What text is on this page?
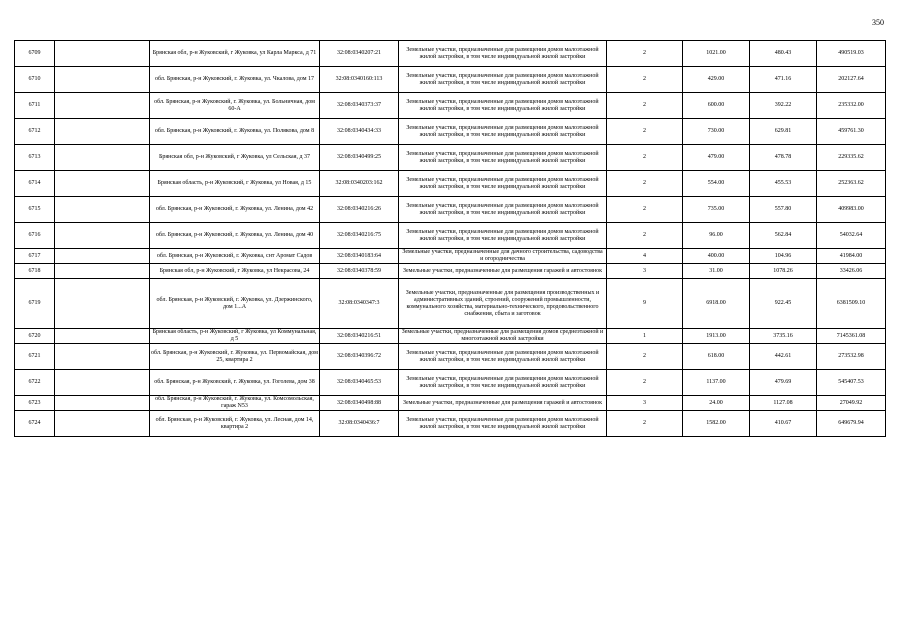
350
6709		Брянская обл, р-н Жуковский, г Жуковка, ул Карла Маркса, д 71	32:08:0340207:21	Земельные участки, предназначенные для размещения домов малоэтажной жилой застройки, в том числе индивидуальной жилой застройки	2	1021.00	480.43	490519.03
6710		обл. Брянская, р-н Жуковский, г. Жуковка, ул. Чкалова, дом 17	32:08:0340160:113	Земельные участки, предназначенные для размещения домов малоэтажной жилой застройки, в том числе индивидуальной жилой застройки	2	429.00	471.16	202127.64
6711		обл. Брянская, р-н Жуковский, г. Жуковка, ул. Больничная, дом 60-А	32:08:0340373:37	Земельные участки, предназначенные для размещения домов малоэтажной жилой застройки, в том числе индивидуальной жилой застройки	2	600.00	392.22	235332.00
6712		обл. Брянская, р-н Жуковский, г. Жуковка, ул. Полякова, дом 8	32:08:0340434:33	Земельные участки, предназначенные для размещения домов малоэтажной жилой застройки, в том числе индивидуальной жилой застройки	2	730.00	629.81	459761.30
6713		Брянская обл, р-н Жуковский, г Жуковка, ул Сельская, д 37	32:08:0340499:25	Земельные участки, предназначенные для размещения домов малоэтажной жилой застройки, в том числе индивидуальной жилой застройки	2	479.00	478.78	229335.62
6714		Брянская область, р-н Жуковский, г Жуковка, ул Новая, д 15	32:08:0340203:162	Земельные участки, предназначенные для размещения домов малоэтажной жилой застройки, в том числе индивидуальной жилой застройки	2	554.00	455.53	252363.62
6715		обл. Брянская, р-н Жуковский, г. Жуковка, ул. Ленина, дом 42	32:08:0340216:26	Земельные участки, предназначенные для размещения домов малоэтажной жилой застройки, в том числе индивидуальной жилой застройки	2	735.00	557.80	409983.00
6716		обл. Брянская, р-н Жуковский, г. Жуковка, ул. Ленина, дом 40	32:08:0340216:75	Земельные участки, предназначенные для размещения домов малоэтажной жилой застройки, в том числе индивидуальной жилой застройки	2	96.00	562.84	54032.64
6717		обл. Брянская, р-н Жуковский, г. Жуковка, снт Аромат Садов	32:08:0340183:64	Земельные участки, предназначенные для дачного строительства, садоводства и огородничества	4	400.00	104.96	41984.00
6718		Брянская обл, р-н Жуковский, г Жуковка, ул Некрасова, 24	32:08:0340378:59	Земельные участки, предназначенные для размещения гаражей и автостоянок	3	31.00	1078.26	33426.06
6719		обл. Брянская, р-н Жуковский, г. Жуковка, ул. Дзержинского, дом 1...А	32:08:0340347:3	Земельные участки, предназначенные для размещения производственных и административных зданий, строений, сооружений промышленности, коммунального хозяйства, материально-технического, продовольственного снабжения, сбыта и заготовок	9	6918.00	922.45	6381509.10
6720		Брянская область, р-н Жуковский, г Жуковка, ул Коммунальная, д 5	32:08:0340216:51	Земельные участки, предназначенные для размещения домов среднеэтажной и многоэтажной жилой застройки	1	1913.00	3735.16	7145361.08
6721		обл. Брянская, р-н Жуковский, г. Жуковка, ул. Первомайская, дом 25, квартира 2	32:08:0340396:72	Земельные участки, предназначенные для размещения домов малоэтажной жилой застройки, в том числе индивидуальной жилой застройки	2	618.00	442.61	273532.98
6722		обл. Брянская, р-н Жуковский, г. Жуковка, ул. Гоголева, дом 38	32:08:0340465:53	Земельные участки, предназначенные для размещения домов малоэтажной жилой застройки, в том числе индивидуальной жилой застройки	2	1137.00	479.69	545407.53
6723		обл. Брянская, р-н Жуковский, г. Жуковка, ул. Комсомольская, гараж N53	32:08:0340498:88	Земельные участки, предназначенные для размещения гаражей и автостоянок	3	24.00	1127.08	27049.92
6724		обл. Брянская, р-н Жуковский, г. Жуковка, ул. Лесная, дом 14, квартира 2	32:08:0340436:7	Земельные участки, предназначенные для размещения домов малоэтажной жилой застройки, в том числе индивидуальной жилой застройки	2	1582.00	410.67	649679.94
